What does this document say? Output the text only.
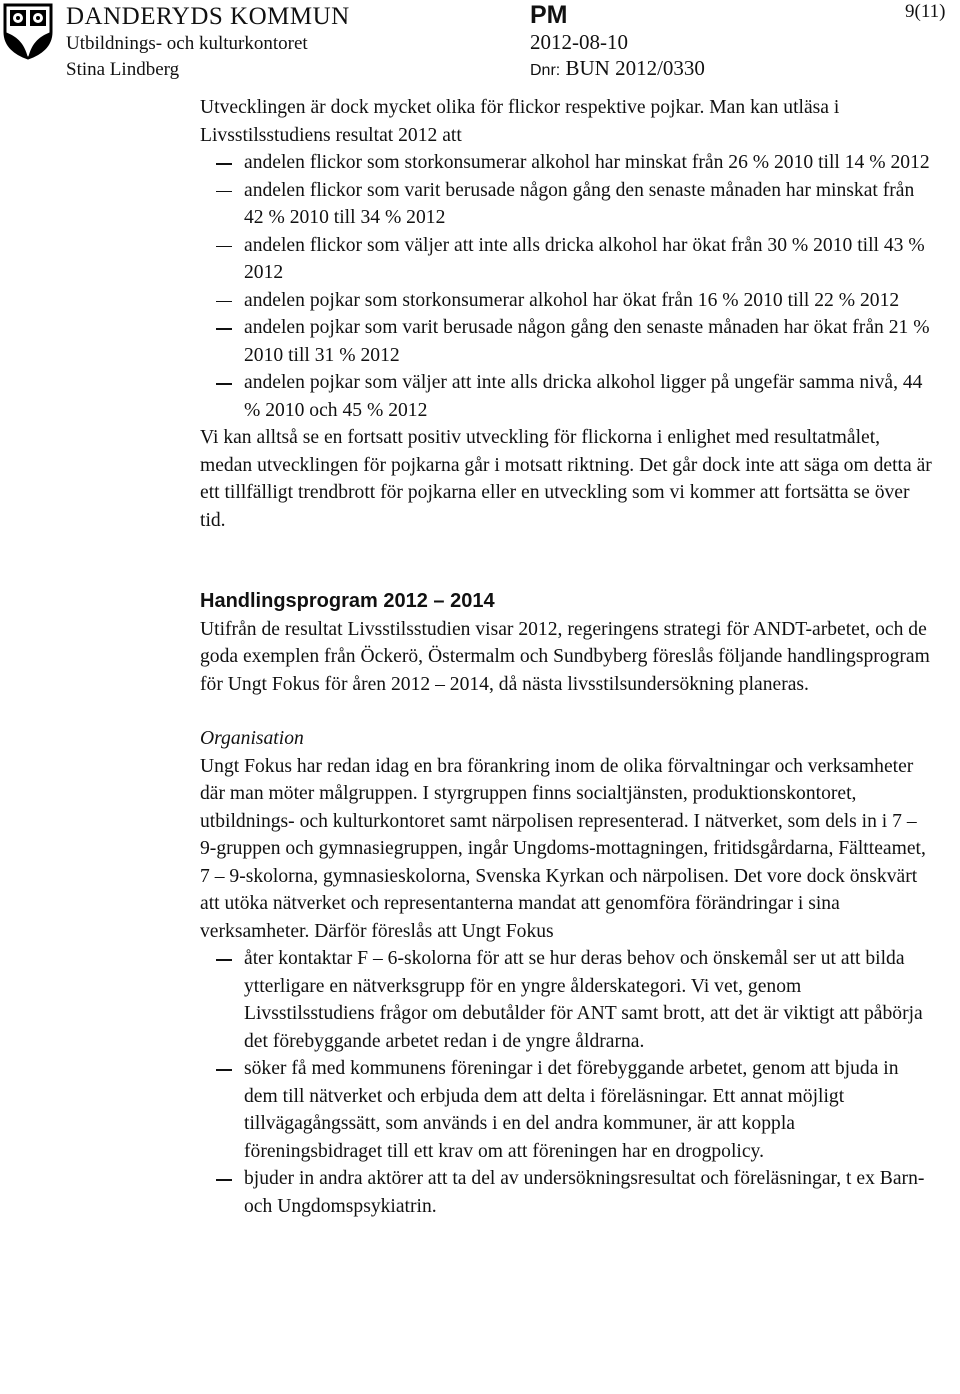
DANDERYDS KOMMUN
Utbildnings- och kulturkontoret
Stina Lindberg
PM
2012-08-10
Dnr: BUN 2012/0330
9(11)

Utvecklingen är dock mycket olika för flickor respektive pojkar. Man kan utläsa i Livsstilsstudiens resultat 2012 att

andelen flickor som storkonsumerar alkohol har minskat från 26 % 2010 till 14 % 2012
andelen flickor som varit berusade någon gång den senaste månaden har minskat från 42 % 2010 till 34 % 2012
andelen flickor som väljer att inte alls dricka alkohol har ökat från 30 % 2010 till 43 % 2012
andelen pojkar som storkonsumerar alkohol har ökat från 16 % 2010 till 22 % 2012
andelen pojkar som varit berusade någon gång den senaste månaden har ökat från 21 % 2010 till 31 % 2012
andelen pojkar som väljer att inte alls dricka alkohol ligger på ungefär samma nivå, 44 % 2010 och 45 % 2012

Vi kan alltså se en fortsatt positiv utveckling för flickorna i enlighet med resultatmålet, medan utvecklingen för pojkarna går i motsatt riktning. Det går dock inte att säga om detta är ett tillfälligt trendbrott för pojkarna eller en utveckling som vi kommer att fortsätta se över tid.

Handlingsprogram 2012 – 2014

Utifrån de resultat Livsstilsstudien visar 2012, regeringens strategi för ANDT-arbetet, och de goda exemplen från Öckerö, Östermalm och Sundbyberg föreslås följande handlingsprogram för Ungt Fokus för åren 2012 – 2014, då nästa livsstilsundersökning planeras.

Organisation

Ungt Fokus har redan idag en bra förankring inom de olika förvaltningar och verksamheter där man möter målgruppen. I styrgruppen finns socialtjänsten, produktionskontoret, utbildnings- och kulturkontoret samt närpolisen representerad. I nätverket, som dels in i 7 – 9-gruppen och gymnasiegruppen, ingår Ungdoms-mottagningen, fritidsgårdarna, Fältteamet, 7 – 9-skolorna, gymnasieskolorna, Svenska Kyrkan och närpolisen. Det vore dock önskvärt att utöka nätverket och representanterna mandat att genomföra förändringar i sina verksamheter. Därför föreslås att Ungt Fokus

åter kontaktar F – 6-skolorna för att se hur deras behov och önskemål ser ut att bilda ytterligare en nätverksgrupp för en yngre ålderskategori. Vi vet, genom Livsstilsstudiens frågor om debutålder för ANT samt brott, att det är viktigt att påbörja det förebyggande arbetet redan i de yngre åldrarna.
söker få med kommunens föreningar i det förebyggande arbetet, genom att bjuda in dem till nätverket och erbjuda dem att delta i föreläsningar. Ett annat möjligt tillvägagångssätt, som används i en del andra kommuner, är att koppla föreningsbidraget till ett krav om att föreningen har en drogpolicy.
bjuder in andra aktörer att ta del av undersökningsresultat och föreläsningar, t ex Barn- och Ungdomspsykiatrin.
